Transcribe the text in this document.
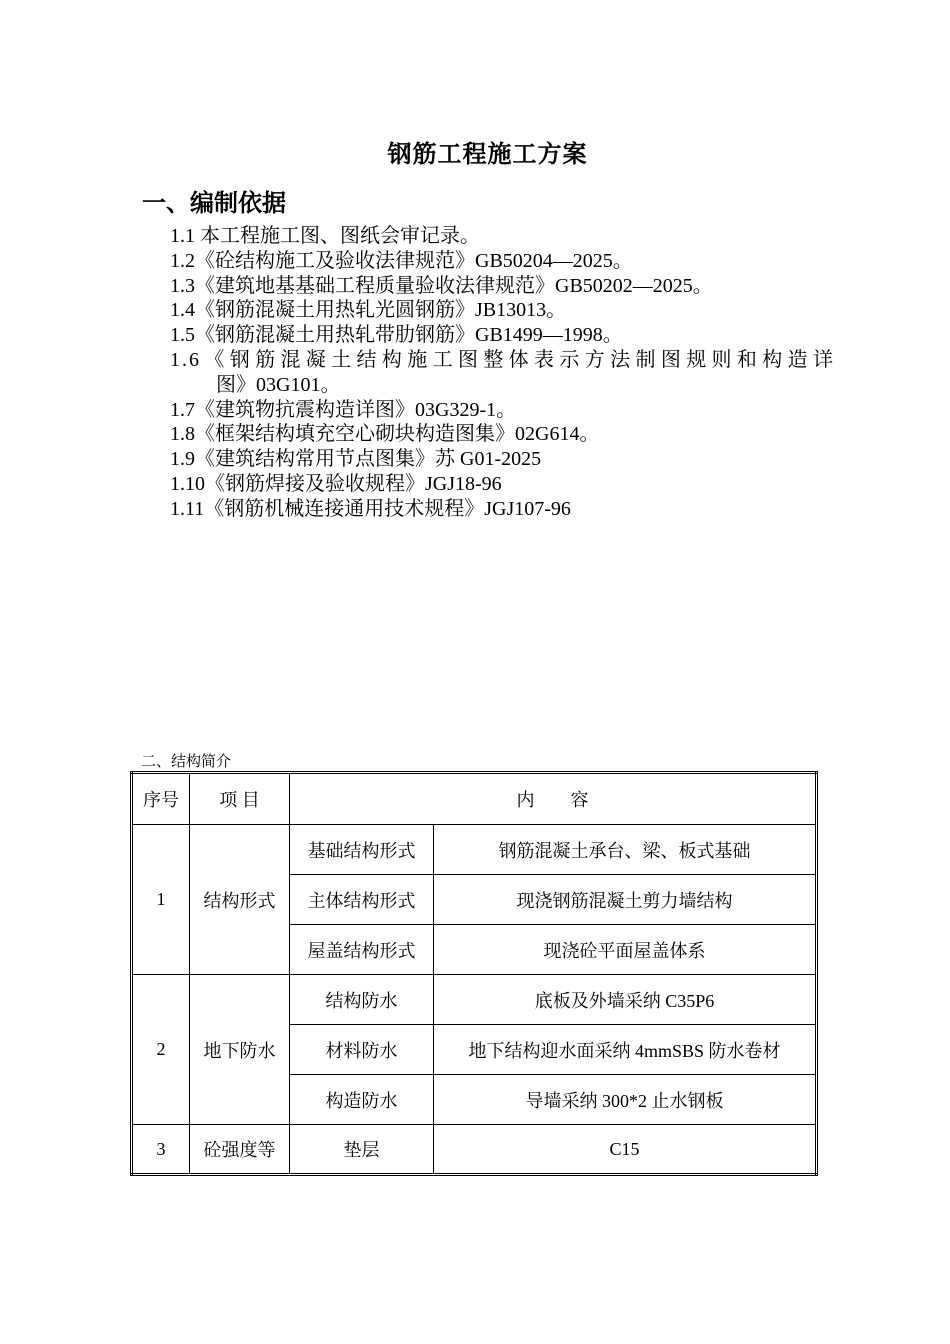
钢筋工程施工方案
一、编制依据
1.1 本工程施工图、图纸会审记录。
1.2《砼结构施工及验收法律规范》GB50204—2025。
1.3《建筑地基基础工程质量验收法律规范》GB50202—2025。
1.4《钢筋混凝土用热轧光圆钢筋》JB13013。
1.5《钢筋混凝土用热轧带肋钢筋》GB1499—1998。
1.6《钢筋混凝土结构施工图整体表示方法制图规则和构造详
图》03G101。
1.7《建筑物抗震构造详图》03G329-1。
1.8《框架结构填充空心砌块构造图集》02G614。
1.9《建筑结构常用节点图集》苏 G01-2025
1.10《钢筋焊接及验收规程》JGJ18-96
1.11《钢筋机械连接通用技术规程》JGJ107-96
二、结构简介
序号	项 目	内　　容	
1	结构形式	基础结构形式	钢筋混凝土承台、梁、板式基础
		主体结构形式	现浇钢筋混凝土剪力墙结构
		屋盖结构形式	现浇砼平面屋盖体系
2	地下防水	结构防水	底板及外墙采纳 C35P6
		材料防水	地下结构迎水面采纳 4mmSBS 防水卷材
		构造防水	导墙采纳 300*2 止水钢板
3	砼强度等	垫层	C15
